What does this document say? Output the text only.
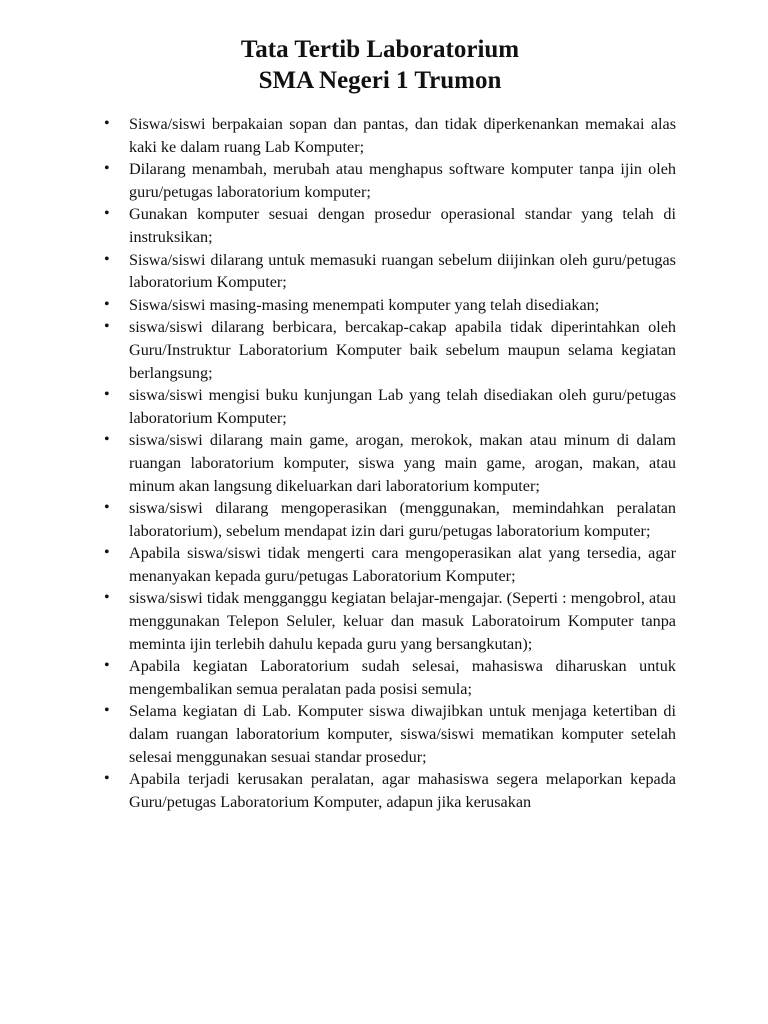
Tata Tertib Laboratorium
SMA Negeri 1 Trumon
• Siswa/siswi berpakaian sopan dan pantas, dan tidak diperkenankan memakai alas kaki ke dalam ruang Lab Komputer;
• Dilarang menambah, merubah atau menghapus software komputer tanpa ijin oleh guru/petugas laboratorium komputer;
• Gunakan komputer sesuai dengan prosedur operasional standar yang telah di instruksikan;
• Siswa/siswi dilarang untuk memasuki ruangan sebelum diijinkan oleh guru/petugas laboratorium Komputer;
• Siswa/siswi masing-masing menempati komputer yang telah disediakan;
• siswa/siswi dilarang berbicara, bercakap-cakap apabila tidak diperintahkan oleh Guru/Instruktur Laboratorium Komputer baik sebelum maupun selama kegiatan berlangsung;
• siswa/siswi mengisi buku kunjungan Lab yang telah disediakan oleh guru/petugas laboratorium Komputer;
• siswa/siswi dilarang main game, arogan, merokok, makan atau minum di dalam ruangan laboratorium komputer, siswa yang main game, arogan, makan, atau minum akan langsung dikeluarkan dari laboratorium komputer;
• siswa/siswi dilarang mengoperasikan (menggunakan, memindahkan peralatan laboratorium), sebelum mendapat izin dari guru/petugas laboratorium komputer;
• Apabila siswa/siswi tidak mengerti cara mengoperasikan alat yang tersedia, agar menanyakan kepada guru/petugas Laboratorium Komputer;
• siswa/siswi tidak mengganggu kegiatan belajar-mengajar. (Seperti : mengobrol, atau menggunakan Telepon Seluler, keluar dan masuk Laboratoirum Komputer tanpa meminta ijin terlebih dahulu kepada guru yang bersangkutan);
• Apabila kegiatan Laboratorium sudah selesai, mahasiswa diharuskan untuk mengembalikan semua peralatan pada posisi semula;
• Selama kegiatan di Lab. Komputer siswa diwajibkan untuk menjaga ketertiban di dalam ruangan laboratorium komputer, siswa/siswi mematikan komputer setelah selesai menggunakan sesuai standar prosedur;
• Apabila terjadi kerusakan peralatan, agar mahasiswa segera melaporkan kepada Guru/petugas Laboratorium Komputer, adapun jika kerusakan
